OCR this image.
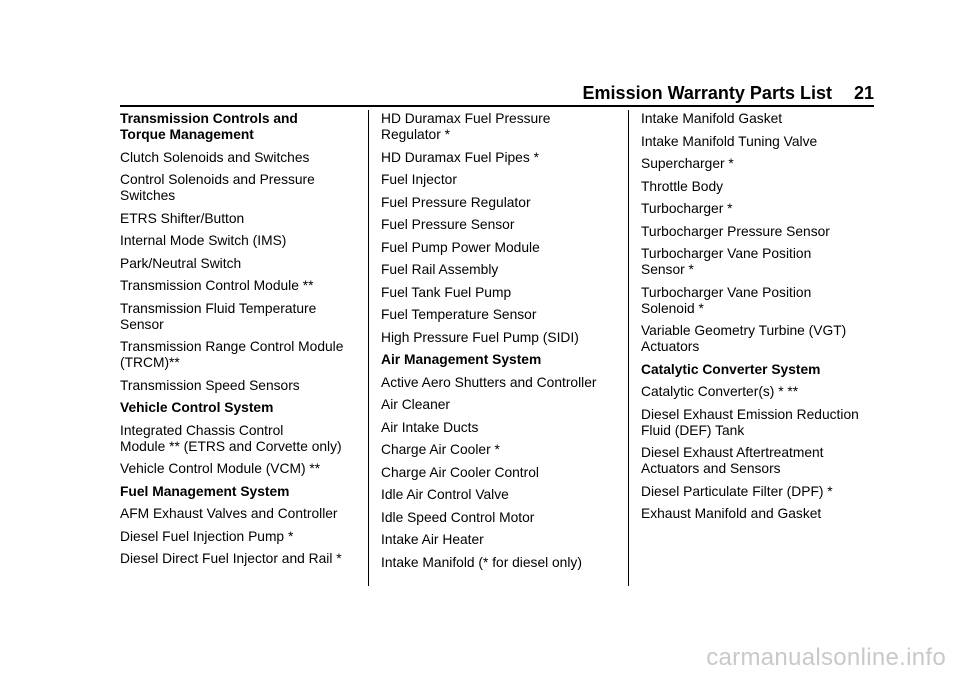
Emission Warranty Parts List 21
Transmission Controls and
Torque Management
Clutch Solenoids and Switches
Control Solenoids and Pressure
Switches
ETRS Shifter/Button
Internal Mode Switch (IMS)
Park/Neutral Switch
Transmission Control Module **
Transmission Fluid Temperature
Sensor
Transmission Range Control Module
(TRCM)**
Transmission Speed Sensors
Vehicle Control System
Integrated Chassis Control
Module ** (ETRS and Corvette only)
Vehicle Control Module (VCM) **
Fuel Management System
AFM Exhaust Valves and Controller
Diesel Fuel Injection Pump *
Diesel Direct Fuel Injector and Rail *
HD Duramax Fuel Pressure
Regulator *
HD Duramax Fuel Pipes *
Fuel Injector
Fuel Pressure Regulator
Fuel Pressure Sensor
Fuel Pump Power Module
Fuel Rail Assembly
Fuel Tank Fuel Pump
Fuel Temperature Sensor
High Pressure Fuel Pump (SIDI)
Air Management System
Active Aero Shutters and Controller
Air Cleaner
Air Intake Ducts
Charge Air Cooler *
Charge Air Cooler Control
Idle Air Control Valve
Idle Speed Control Motor
Intake Air Heater
Intake Manifold (* for diesel only)
Intake Manifold Gasket
Intake Manifold Tuning Valve
Supercharger *
Throttle Body
Turbocharger *
Turbocharger Pressure Sensor
Turbocharger Vane Position
Sensor *
Turbocharger Vane Position
Solenoid *
Variable Geometry Turbine (VGT)
Actuators
Catalytic Converter System
Catalytic Converter(s) * **
Diesel Exhaust Emission Reduction
Fluid (DEF) Tank
Diesel Exhaust Aftertreatment
Actuators and Sensors
Diesel Particulate Filter (DPF) *
Exhaust Manifold and Gasket
carmanualsonline.info
